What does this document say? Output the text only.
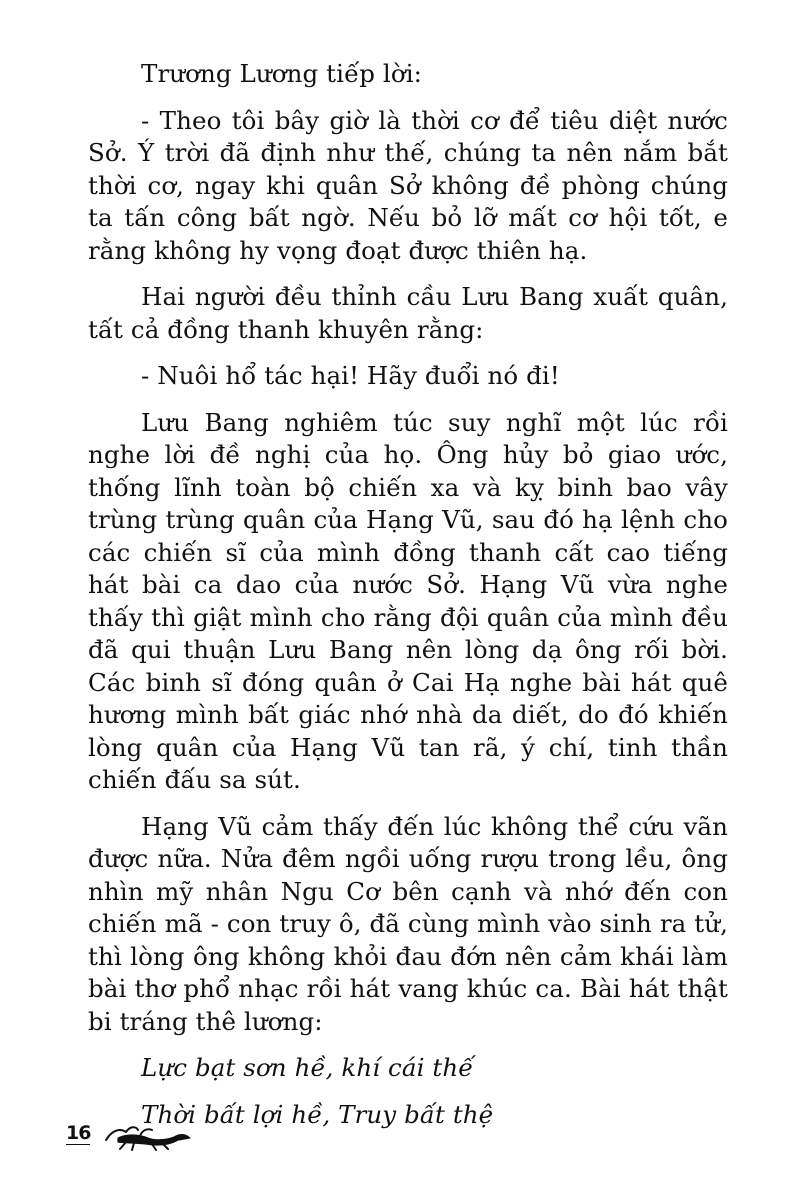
Trương Lương tiếp lời:

- Theo tôi bây giờ là thời cơ để tiêu diệt nước Sở. Ý trời đã định như thế, chúng ta nên nắm bắt thời cơ, ngay khi quân Sở không đề phòng chúng ta tấn công bất ngờ. Nếu bỏ lỡ mất cơ hội tốt, e rằng không hy vọng đoạt được thiên hạ.

Hai người đều thỉnh cầu Lưu Bang xuất quân, tất cả đồng thanh khuyên rằng:

- Nuôi hổ tác hại! Hãy đuổi nó đi!

Lưu Bang nghiêm túc suy nghĩ một lúc rồi nghe lời đề nghị của họ. Ông hủy bỏ giao ước, thống lĩnh toàn bộ chiến xa và kỵ binh bao vây trùng trùng quân của Hạng Vũ, sau đó hạ lệnh cho các chiến sĩ của mình đồng thanh cất cao tiếng hát bài ca dao của nước Sở. Hạng Vũ vừa nghe thấy thì giật mình cho rằng đội quân của mình đều đã qui thuận Lưu Bang nên lòng dạ ông rối bời. Các binh sĩ đóng quân ở Cai Hạ nghe bài hát quê hương mình bất giác nhớ nhà da diết, do đó khiến lòng quân của Hạng Vũ tan rã, ý chí, tinh thần chiến đấu sa sút.

Hạng Vũ cảm thấy đến lúc không thể cứu vãn được nữa. Nửa đêm ngồi uống rượu trong lều, ông nhìn mỹ nhân Ngu Cơ bên cạnh và nhớ đến con chiến mã - con truy ô, đã cùng mình vào sinh ra tử, thì lòng ông không khỏi đau đớn nên cảm khái làm bài thơ phổ nhạc rồi hát vang khúc ca. Bài hát thật bi tráng thê lương:

Lực bạt sơn hề, khí cái thế

Thời bất lợi hề, Truy bất thệ

16
